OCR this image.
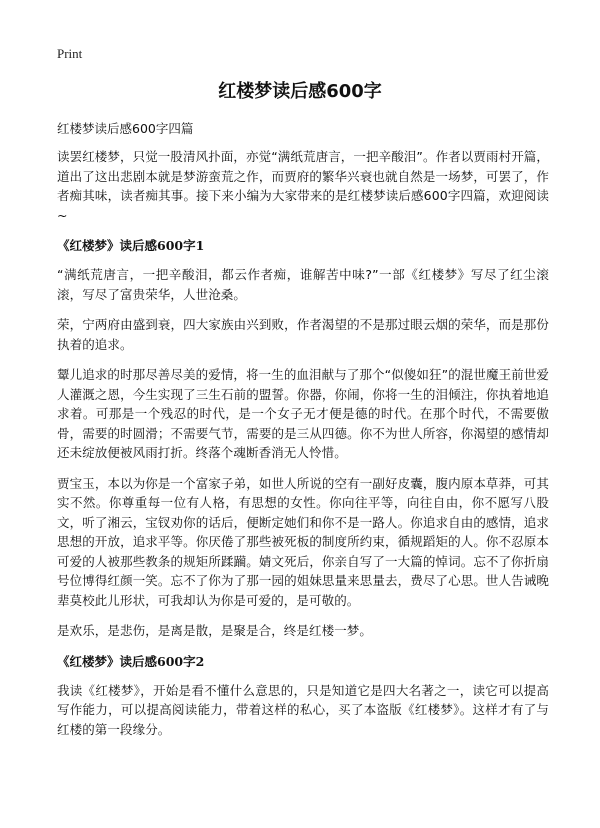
Print
红楼梦读后感600字
红楼梦读后感600字四篇

读罢红楼梦，只觉一股清风扑面，亦觉“满纸荒唐言，一把辛酸泪”。作者以贾雨村开篇，道出了这出悲剧本就是梦游蛮荒之作，而贾府的繁华兴衰也就自然是一场梦，可罢了，作者痴其味，读者痴其事。接下来小编为大家带来的是红楼梦读后感600字四篇，欢迎阅读~

《红楼梦》读后感600字1

“满纸荒唐言，一把辛酸泪，都云作者痴，谁解苦中味?”一部《红楼梦》写尽了红尘滚滚，写尽了富贵荣华，人世沧桑。

荣，宁两府由盛到衰，四大家族由兴到败，作者渴望的不是那过眼云烟的荣华，而是那份执着的追求。

颦儿追求的时那尽善尽美的爱情，将一生的血泪献与了那个“似傻如狂”的混世魔王前世爱人灌溉之恩，今生实现了三生石前的盟誓。你器，你闹，你将一生的泪倾注，你执着地追求着。可那是一个残忍的时代，是一个女子无才便是德的时代。在那个时代，不需要傲骨，需要的时圆滑；不需要气节，需要的是三从四德。你不为世人所容，你渴望的感情却还未绽放便被风雨打折。终落个魂断香消无人怜惜。

贾宝玉，本以为你是一个富家子弟，如世人所说的空有一副好皮囊，腹内原本草莽，可其实不然。你尊重每一位有人格，有思想的女性。你向往平等，向往自由，你不愿写八股文，听了湘云，宝钗劝你的话后，便断定她们和你不是一路人。你追求自由的感情，追求思想的开放，追求平等。你厌倦了那些被死板的制度所约束，循规蹈矩的人。你不忍原本可爱的人被那些教条的规矩所蹂躏。婧文死后，你亲自写了一大篇的悼词。忘不了你折扇号位博得红颜一笑。忘不了你为了那一园的姐妹思量来思量去，费尽了心思。世人告诫晚辈莫校此儿形状，可我却认为你是可爱的，是可敬的。

是欢乐，是悲伤，是离是散，是聚是合，终是红楼一梦。

《红楼梦》读后感600字2

我读《红楼梦》，开始是看不懂什么意思的，只是知道它是四大名著之一，读它可以提高写作能力，可以提高阅读能力，带着这样的私心，买了本盗版《红楼梦》。这样才有了与红楼的第一段缘分。
